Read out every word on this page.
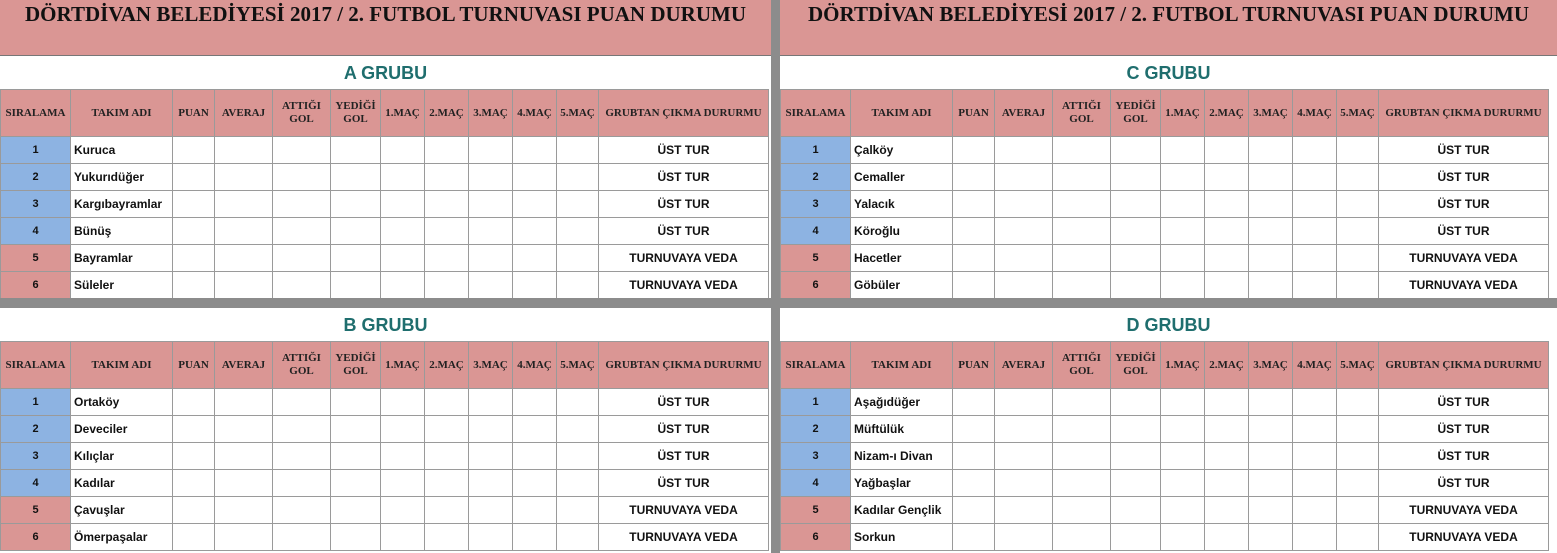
DÖRTDİVAN BELEDİYESİ 2017 / 2. FUTBOL TURNUVASI PUAN DURUMU
A GRUBU
SIRALAMA	TAKIM ADI	PUAN	AVERAJ	ATTIĞI GOL	YEDİĞİ GOL	1.MAÇ	2.MAÇ	3.MAÇ	4.MAÇ	5.MAÇ	GRUBTAN ÇIKMA DURURMU
1	Kuruca										ÜST TUR
2	Yukurıdüğer										ÜST TUR
3	Kargıbayramlar										ÜST TUR
4	Bünüş										ÜST TUR
5	Bayramlar										TURNUVAYA VEDA
6	Süleler										TURNUVAYA VEDA
B GRUBU
SIRALAMA	TAKIM ADI	PUAN	AVERAJ	ATTIĞI GOL	YEDİĞİ GOL	1.MAÇ	2.MAÇ	3.MAÇ	4.MAÇ	5.MAÇ	GRUBTAN ÇIKMA DURURMU
1	Ortaköy										ÜST TUR
2	Deveciler										ÜST TUR
3	Kılıçlar										ÜST TUR
4	Kadılar										ÜST TUR
5	Çavuşlar										TURNUVAYA VEDA
6	Ömerpaşalar										TURNUVAYA VEDA
DÖRTDİVAN BELEDİYESİ 2017 / 2. FUTBOL TURNUVASI PUAN DURUMU
C GRUBU
SIRALAMA	TAKIM ADI	PUAN	AVERAJ	ATTIĞI GOL	YEDİĞİ GOL	1.MAÇ	2.MAÇ	3.MAÇ	4.MAÇ	5.MAÇ	GRUBTAN ÇIKMA DURURMU
1	Çalköy										ÜST TUR
2	Cemaller										ÜST TUR
3	Yalacık										ÜST TUR
4	Köroğlu										ÜST TUR
5	Hacetler										TURNUVAYA VEDA
6	Göbüler										TURNUVAYA VEDA
D GRUBU
SIRALAMA	TAKIM ADI	PUAN	AVERAJ	ATTIĞI GOL	YEDİĞİ GOL	1.MAÇ	2.MAÇ	3.MAÇ	4.MAÇ	5.MAÇ	GRUBTAN ÇIKMA DURURMU
1	Aşağıdüğer										ÜST TUR
2	Müftülük										ÜST TUR
3	Nizam-ı Divan										ÜST TUR
4	Yağbaşlar										ÜST TUR
5	Kadılar Gençlik										TURNUVAYA VEDA
6	Sorkun										TURNUVAYA VEDA
